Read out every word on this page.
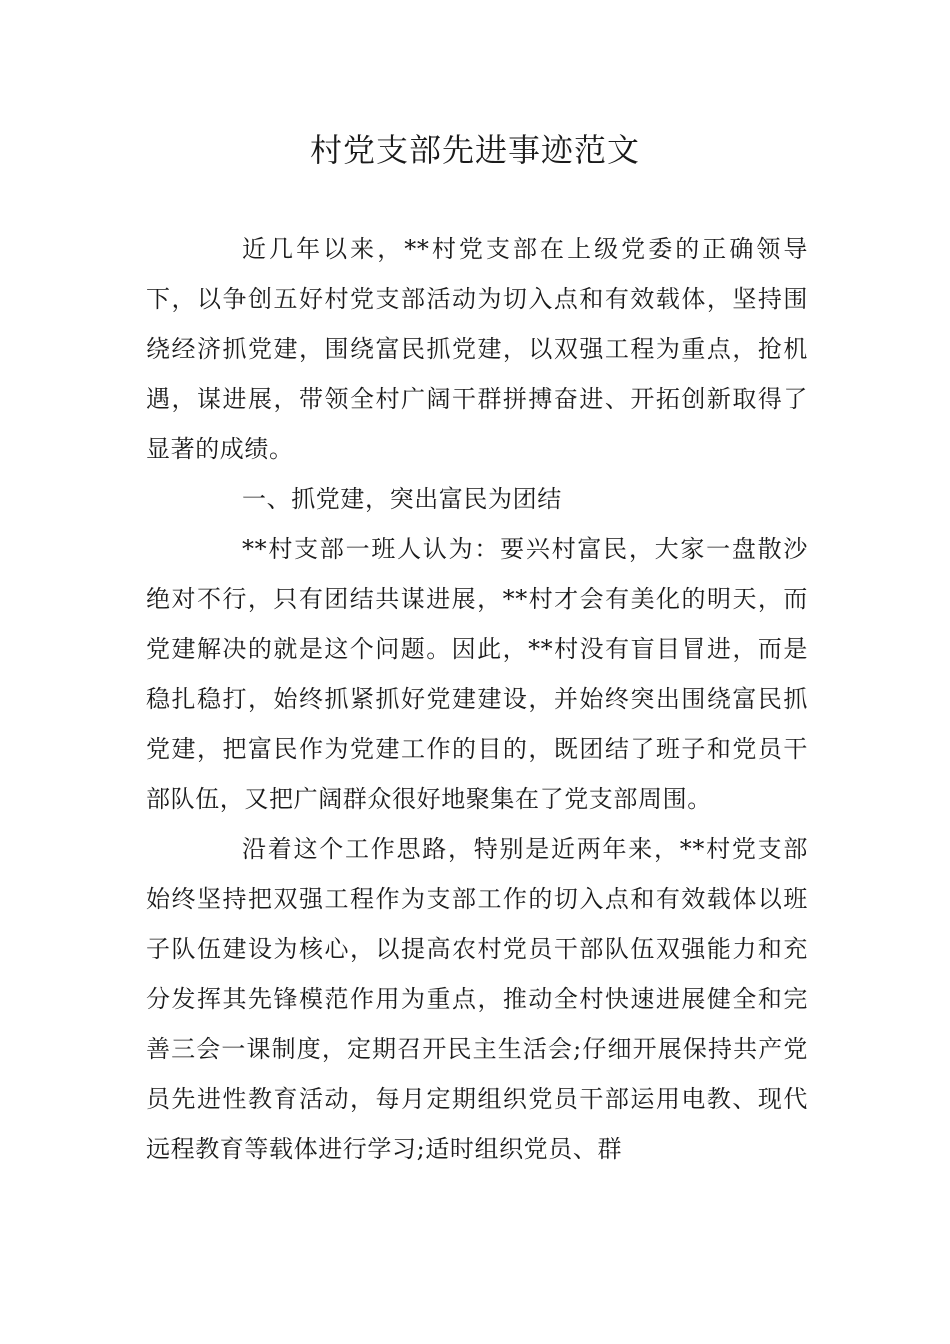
村党支部先进事迹范文

近几年以来，**村党支部在上级党委的正确领导下，以争创五好村党支部活动为切入点和有效载体，坚持围绕经济抓党建，围绕富民抓党建，以双强工程为重点，抢机遇，谋进展，带领全村广阔干群拼搏奋进、开拓创新取得了显著的成绩。

一、抓党建，突出富民为团结

**村支部一班人认为：要兴村富民，大家一盘散沙绝对不行，只有团结共谋进展，**村才会有美化的明天，而党建解决的就是这个问题。因此，**村没有盲目冒进，而是稳扎稳打，始终抓紧抓好党建建设，并始终突出围绕富民抓党建，把富民作为党建工作的目的，既团结了班子和党员干部队伍，又把广阔群众很好地聚集在了党支部周围。

沿着这个工作思路，特别是近两年来，**村党支部始终坚持把双强工程作为支部工作的切入点和有效载体以班子队伍建设为核心，以提高农村党员干部队伍双强能力和充分发挥其先锋模范作用为重点，推动全村快速进展健全和完善三会一课制度，定期召开民主生活会;仔细开展保持共产党员先进性教育活动，每月定期组织党员干部运用电教、现代远程教育等载体进行学习;适时组织党员、群
